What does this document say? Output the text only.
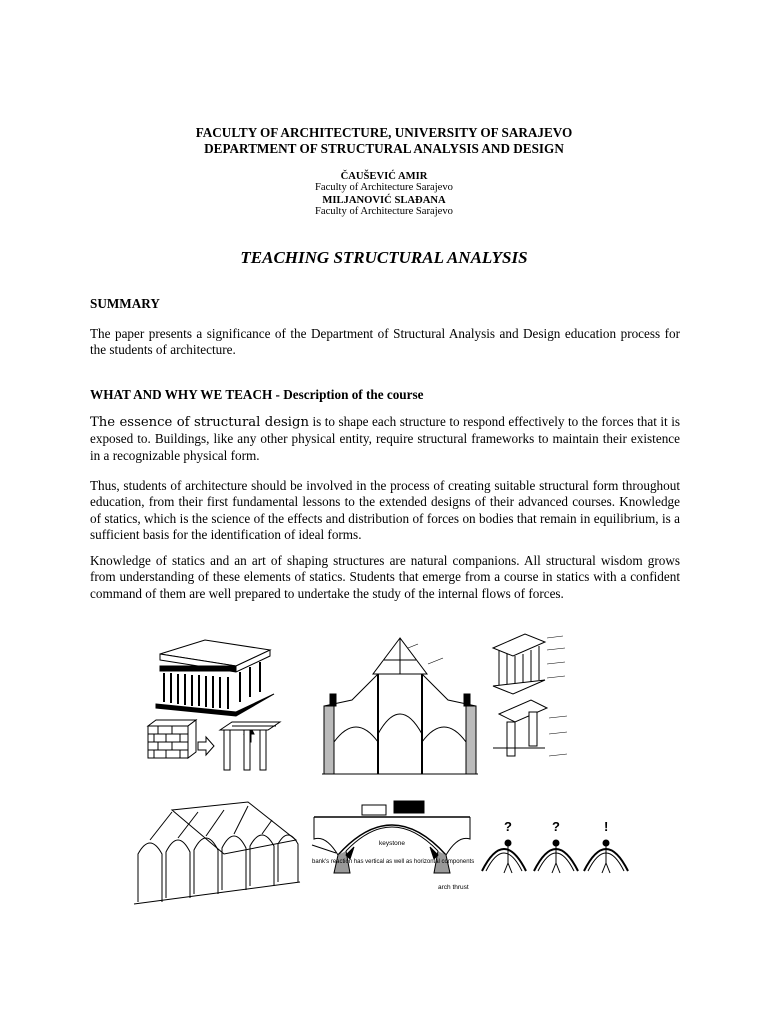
FACULTY OF ARCHITECTURE, UNIVERSITY OF SARAJEVO
DEPARTMENT OF STRUCTURAL ANALYSIS AND DESIGN
ČAUŠEVIĆ AMIR
Faculty of Architecture Sarajevo
MILJANOVIĆ SLAĐANA
Faculty of Architecture Sarajevo
TEACHING STRUCTURAL ANALYSIS
SUMMARY
The paper presents a significance of the Department of Structural Analysis and Design education process for the students of architecture.
WHAT AND WHY WE TEACH - Description of the course
The essence of structural design is to shape each structure to respond effectively to the forces that it is exposed to. Buildings, like any other physical entity, require structural frameworks to maintain their existence in a recognizable physical form.
Thus, students of architecture should be involved in the process of creating suitable structural form throughout education, from their first fundamental lessons to the extended designs of their advanced courses. Knowledge of statics, which is the science of the effects and distribution of forces on bodies that remain in equilibrium, is a sufficient basis for the identification of ideal forms.
Knowledge of statics and an art of shaping structures are natural companions. All structural wisdom grows from understanding of these elements of statics. Students that emerge from a course in statics with a confident command of them are well prepared to undertake the study of the internal flows of forces.
keystone
arch thrust
bank's reaction has vertical as well as horizontal components
?	?	!
